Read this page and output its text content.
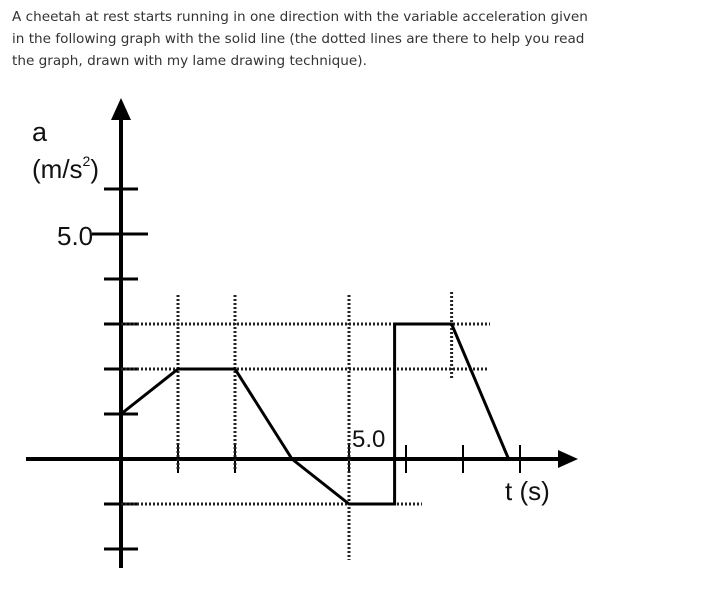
A cheetah at rest starts running in one direction with the variable acceleration given
in the following graph with the solid line (the dotted lines are there to help you read
the graph, drawn with my lame drawing technique).
a
$(m/s^2)$
5.0
5.0
t (s)
